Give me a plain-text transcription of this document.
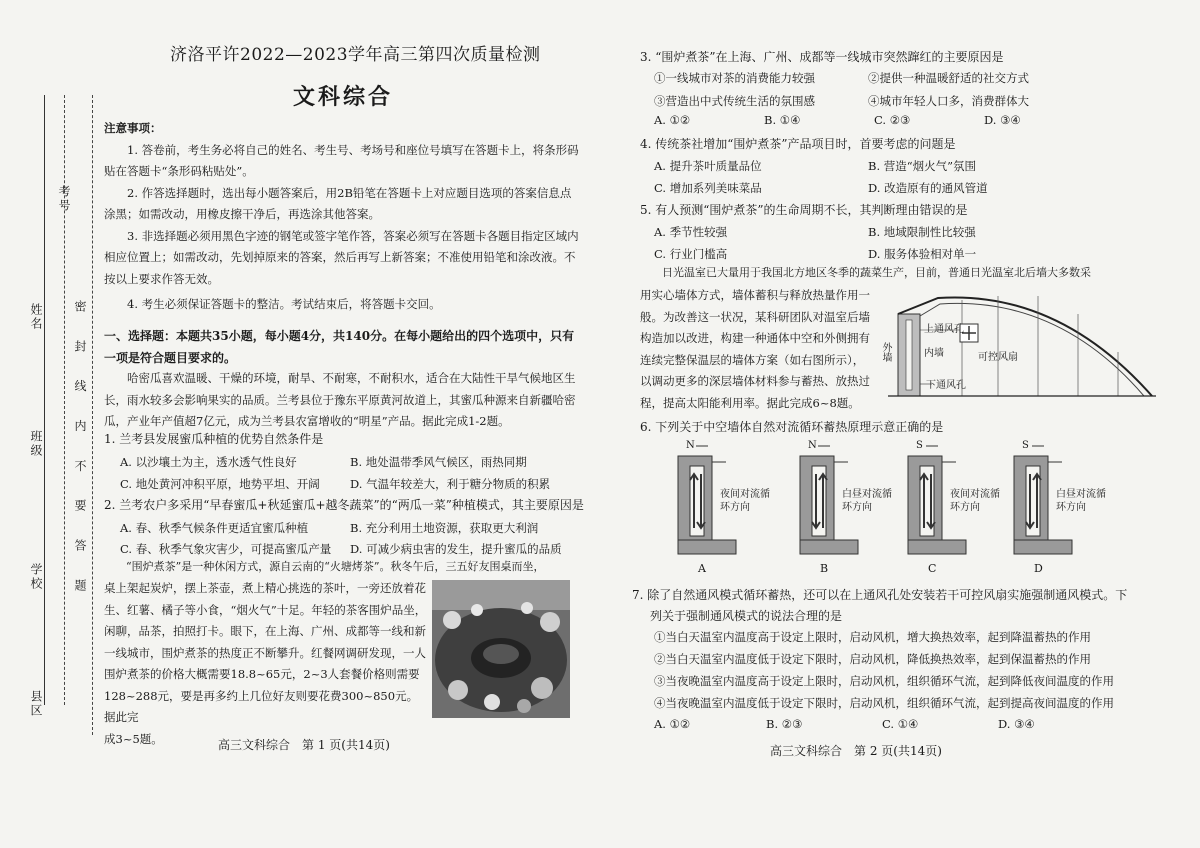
考号
姓名
班级
学校
县区
密 封 线 内 不 要 答 题
济洛平许2022—2023学年高三第四次质量检测
文科综合

注意事项：

1. 答卷前，考生务必将自己的姓名、考生号、考场号和座位号填写在答题卡上，将条形码贴在答题卡“条形码粘贴处”。

2. 作答选择题时，选出每小题答案后，用2B铅笔在答题卡上对应题目选项的答案信息点涂黑；如需改动，用橡皮擦干净后，再选涂其他答案。

3. 非选择题必须用黑色字迹的钢笔或签字笔作答，答案必须写在答题卡各题目指定区域内相应位置上；如需改动，先划掉原来的答案，然后再写上新答案；不准使用铅笔和涂改液。不按以上要求作答无效。

4. 考生必须保证答题卡的整洁。考试结束后，将答题卡交回。

一、选择题：本题共35小题，每小题4分，共140分。在每小题给出的四个选项中，只有一项是符合题目要求的。
哈密瓜喜欢温暖、干燥的环境，耐旱、不耐寒，不耐积水，适合在大陆性干旱气候地区生长，雨水较多会影响果实的品质。兰考县位于豫东平原黄河故道上，其蜜瓜种源来自新疆哈密瓜，产业年产值超7亿元，成为兰考县农富增收的“明星”产品。据此完成1-2题。
1. 兰考县发展蜜瓜种植的优势自然条件是
A. 以沙壤土为主，透水透气性良好	B. 地处温带季风气候区，雨热同期
C. 地处黄河冲积平原，地势平坦、开阔	D. 气温年较差大，利于糖分物质的积累
2. 兰考农户多采用“早春蜜瓜+秋延蜜瓜+越冬蔬菜”的“两瓜一菜”种植模式，其主要原因是
A. 春、秋季气候条件更适宜蜜瓜种植	B. 充分利用土地资源，获取更大利润
C. 春、秋季气象灾害少，可提高蜜瓜产量 D. 可减少病虫害的发生，提升蜜瓜的品质
“围炉煮茶”是一种休闲方式，源自云南的“火塘烤茶”。秋冬午后，三五好友围桌而坐，

桌上架起炭炉，摆上茶壶，煮上精心挑选的茶叶，一旁还放着花

生、红薯、橘子等小食，“烟火气”十足。年轻的茶客围炉品坐，

闲聊，品茶，拍照打卡。眼下，在上海、广州、成都等一线和新

一线城市，围炉煮茶的热度正不断攀升。红餐网调研发现，一人

围炉煮茶的价格大概需要18.8~65元，2~3人套餐价格则需要

128~288元，要是再多约上几位好友则要花费300~850元。据此完

成3~5题。	高三文科综合　第 1 页(共14页)
3. “围炉煮茶”在上海、广州、成都等一线城市突然蹿红的主要原因是
①一线城市对茶的消费能力较强	②提供一种温暖舒适的社交方式
③营造出中式传统生活的氛围感	④城市年轻人口多，消费群体大
A. ①②	B. ①④	C. ②③	D. ③④
4. 传统茶社增加“围炉煮茶”产品项目时，首要考虑的问题是
A. 提升茶叶质量品位	B. 营造“烟火气”氛围
C. 增加系列美味菜品	D. 改造原有的通风管道
5. 有人预测“围炉煮茶”的生命周期不长，其判断理由错误的是
A. 季节性较强	B. 地域限制性比较强
C. 行业门槛高	D. 服务体验相对单一
日光温室已大量用于我国北方地区冬季的蔬菜生产，目前，普通日光温室北后墙大多数采

用实心墙体方式，墙体蓄积与释放热量作用一

般。为改善这一状况，某科研团队对温室后墙

构造加以改进，构建一种通体中空和外侧拥有

连续完整保温层的墙体方案（如右图所示），

以调动更多的深层墙体材料参与蓄热、放热过

程，提高太阳能利用率。据此完成6~8题。

上通风孔
内墙
外墙	可控风扇
下通风孔
6. 下列关于中空墙体自然对流循环蓄热原理示意正确的是
N
夜间对流循环方向
A
N
白昼对流循环方向
B
S
夜间对流循环方向
C
S
白昼对流循环方向
D
7. 除了自然通风模式循环蓄热，还可以在上通风孔处安装若干可控风扇实施强制通风模式。下
列关于强制通风模式的说法合理的是
①当白天温室内温度高于设定上限时，启动风机，增大换热效率，起到降温蓄热的作用
②当白天温室内温度低于设定下限时，启动风机，降低换热效率，起到保温蓄热的作用
③当夜晚温室内温度高于设定上限时，启动风机，组织循环气流，起到降低夜间温度的作用
④当夜晚温室内温度低于设定下限时，启动风机，组织循环气流，起到提高夜间温度的作用
A. ①②	B. ②③	C. ①④	D. ③④
高三文科综合　第 2 页(共14页)
